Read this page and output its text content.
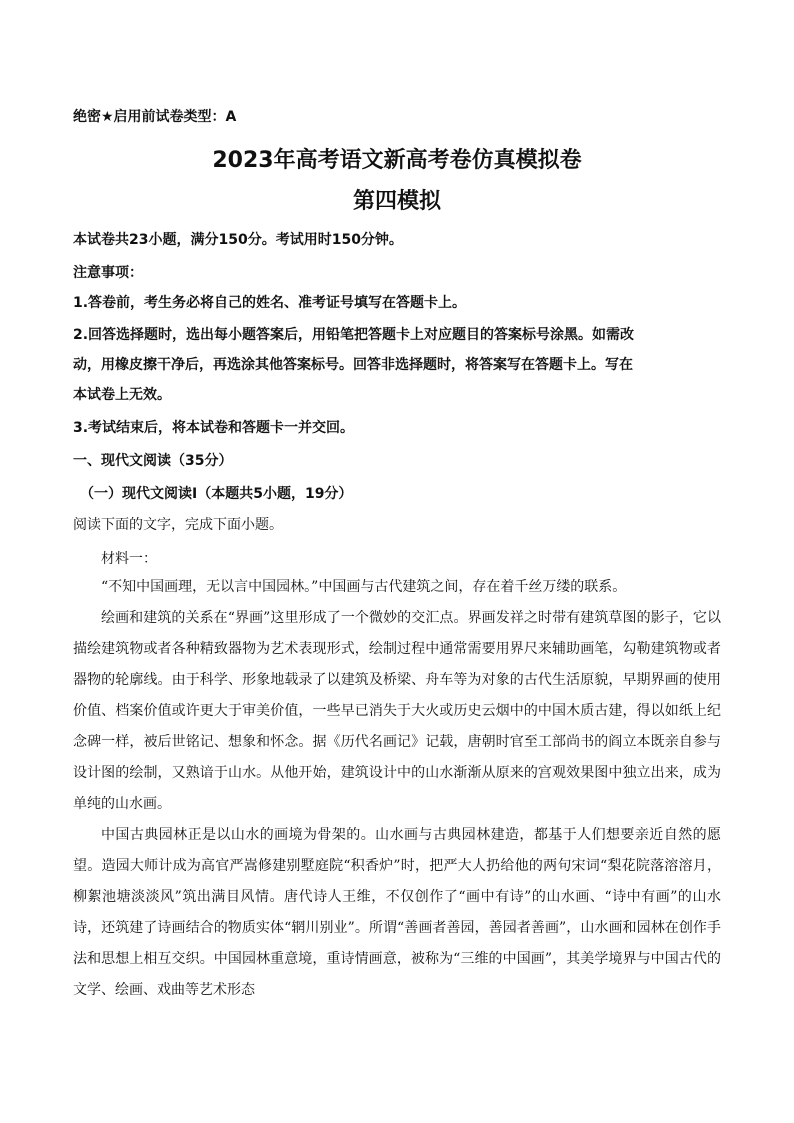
绝密★启用前试卷类型：A
2023年高考语文新高考卷仿真模拟卷
第四模拟
本试卷共23小题，满分150分。考试用时150分钟。
注意事项：
1.答卷前，考生务必将自己的姓名、准考证号填写在答题卡上。
2.回答选择题时，选出每小题答案后，用铅笔把答题卡上对应题目的答案标号涂黑。如需改
动，用橡皮擦干净后，再选涂其他答案标号。回答非选择题时，将答案写在答题卡上。写在
本试卷上无效。
3.考试结束后，将本试卷和答题卡一并交回。
一、现代文阅读（35分）
（一）现代文阅读Ⅰ（本题共5小题，19分）
阅读下面的文字，完成下面小题。
材料一：
“不知中国画理，无以言中国园林。”中国画与古代建筑之间，存在着千丝万缕的联系。
绘画和建筑的关系在“界画”这里形成了一个微妙的交汇点。界画发祥之时带有建筑草图的影子，它以描绘建筑物或者各种精致器物为艺术表现形式，绘制过程中通常需要用界尺来辅助画笔，勾勒建筑物或者器物的轮廓线。由于科学、形象地载录了以建筑及桥梁、舟车等为对象的古代生活原貌，早期界画的使用价值、档案价值或许更大于审美价值，一些早已消失于大火或历史云烟中的中国木质古建，得以如纸上纪念碑一样，被后世铭记、想象和怀念。据《历代名画记》记载，唐朝时官至工部尚书的阎立本既亲自参与设计图的绘制，又熟谙于山水。从他开始，建筑设计中的山水渐渐从原来的宫观效果图中独立出来，成为单纯的山水画。
中国古典园林正是以山水的画境为骨架的。山水画与古典园林建造，都基于人们想要亲近自然的愿望。造园大师计成为高官严嵩修建别墅庭院“积香炉”时，把严大人扔给他的两句宋词“梨花院落溶溶月，柳絮池塘淡淡风”筑出满目风情。唐代诗人王维，不仅创作了“画中有诗”的山水画、“诗中有画”的山水诗，还筑建了诗画结合的物质实体“辋川别业”。所谓“善画者善园，善园者善画”，山水画和园林在创作手法和思想上相互交织。中国园林重意境，重诗情画意，被称为“三维的中国画”，其美学境界与中国古代的文学、绘画、戏曲等艺术形态
